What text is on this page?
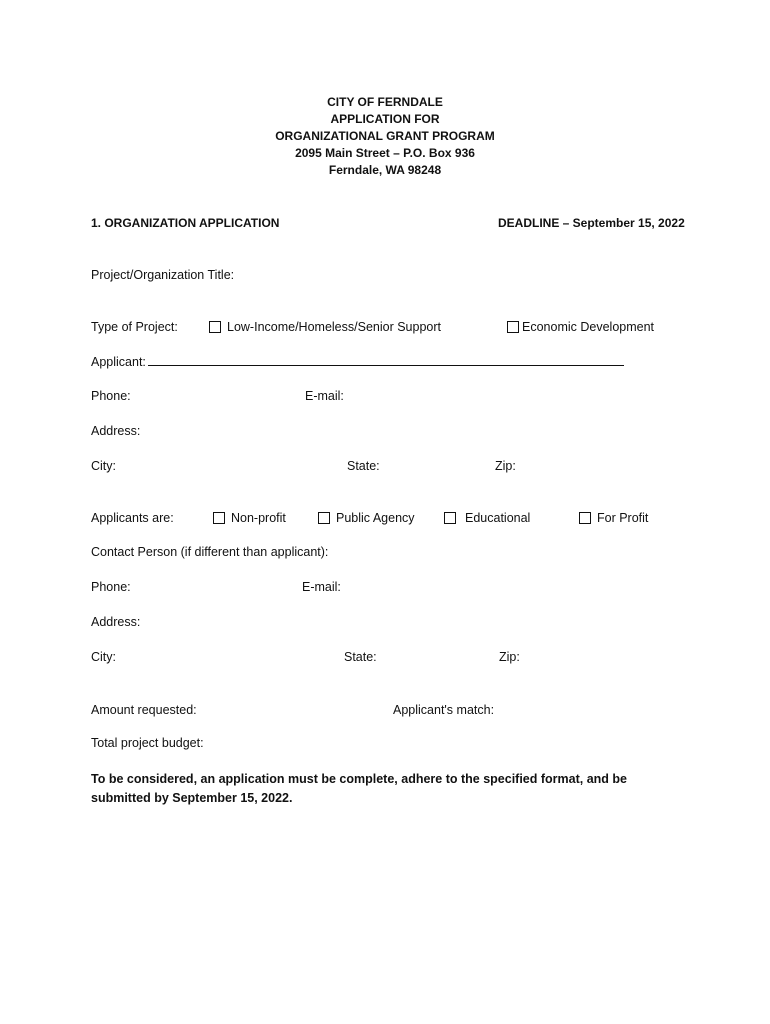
CITY OF FERNDALE
APPLICATION FOR
ORGANIZATIONAL GRANT PROGRAM
2095 Main Street – P.O. Box 936
Ferndale, WA 98248
1. ORGANIZATION APPLICATION	DEADLINE – September 15, 2022
Project/Organization Title:
Type of Project:	Low-Income/Homeless/Senior Support	Economic Development
Applicant:
Phone:	E-mail:
Address:
City:	State:	Zip:
Applicants are:	Non-profit	Public Agency	Educational	For Profit
Contact Person (if different than applicant):
Phone:	E-mail:
Address:
City:	State:	Zip:
Amount requested:	Applicant's match:
Total project budget:
To be considered, an application must be complete, adhere to the specified format, and be submitted by September 15, 2022.
